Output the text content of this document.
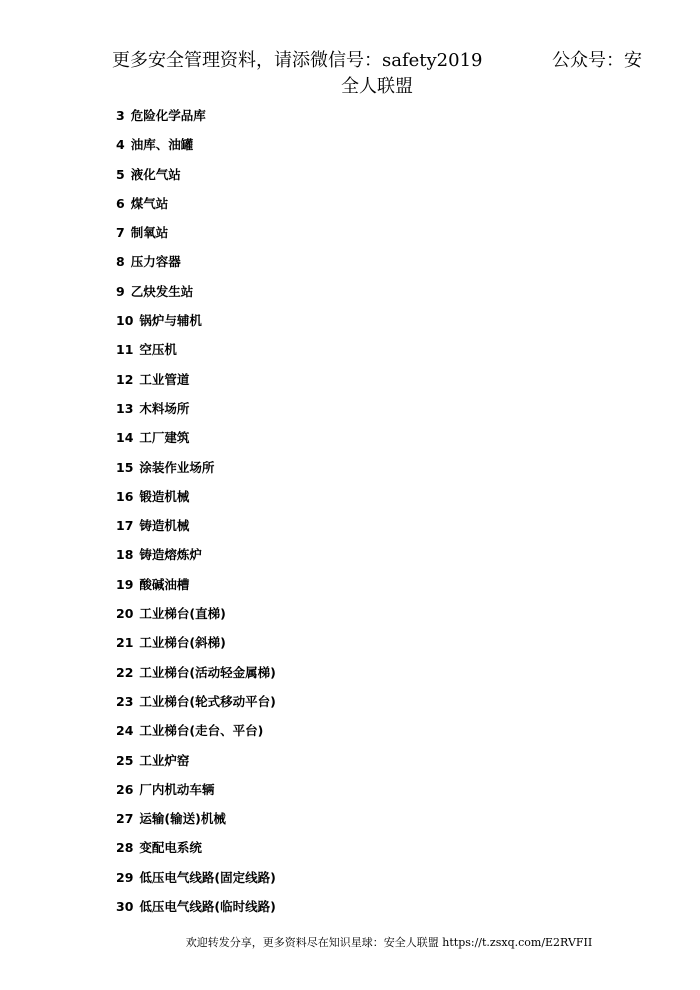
更多安全管理资料，请添微信号：safety2019	公众号：安
全人联盟
3 危险化学品库
4 油库、油罐
5 液化气站
6 煤气站
7 制氧站
8 压力容器
9 乙炔发生站
10 锅炉与辅机
11 空压机
12 工业管道
13 木料场所
14 工厂建筑
15 涂装作业场所
16 锻造机械
17 铸造机械
18 铸造熔炼炉
19 酸碱油槽
20 工业梯台(直梯)
21 工业梯台(斜梯)
22 工业梯台(活动轻金属梯)
23 工业梯台(轮式移动平台)
24 工业梯台(走台、平台)
25 工业炉窑
26 厂内机动车辆
27 运输(输送)机械
28 变配电系统
29 低压电气线路(固定线路)
30 低压电气线路(临时线路)
欢迎转发分享，更多资料尽在知识星球：安全人联盟 https://t.zsxq.com/E2RVFII
